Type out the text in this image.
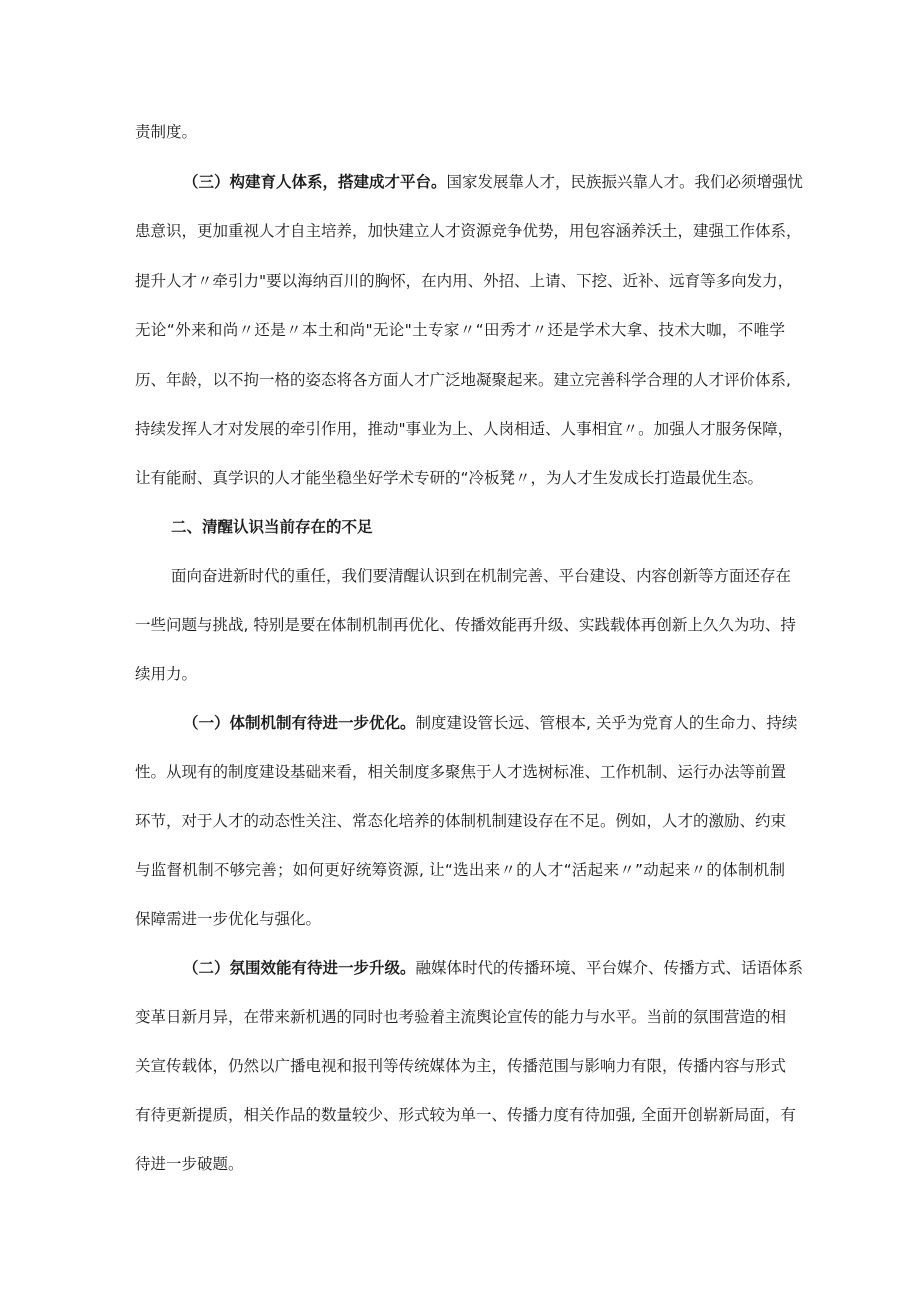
责制度。
（三）构建育人体系，搭建成才平台。国家发展靠人才，民族振兴靠人才。我们必须增强忧
患意识，更加重视人才自主培养，加快建立人才资源竞争优势，用包容涵养沃土，建强工作体系，
提升人才〃牵引力"要以海纳百川的胸怀，在内用、外招、上请、下挖、近补、远育等多向发力，
无论“外来和尚〃还是〃本土和尚"无论"土专家〃“田秀才〃还是学术大拿、技术大咖，不唯学
历、年龄，以不拘一格的姿态将各方面人才广泛地凝聚起来。建立完善科学合理的人才评价体系,
持续发挥人才对发展的牵引作用，推动"事业为上、人岗相适、人事相宜〃。加强人才服务保障，
让有能耐、真学识的人才能坐稳坐好学术专研的“冷板凳〃，为人才生发成长打造最优生态。
二、清醒认识当前存在的不足
面向奋进新时代的重任，我们要清醒认识到在机制完善、平台建设、内容创新等方面还存在
一些问题与挑战, 特别是要在体制机制再优化、传播效能再升级、实践载体再创新上久久为功、持
续用力。
（一）体制机制有待进一步优化。制度建设管长远、管根本, 关乎为党育人的生命力、持续
性。从现有的制度建设基础来看，相关制度多聚焦于人才选树标准、工作机制、运行办法等前置
环节，对于人才的动态性关注、常态化培养的体制机制建设存在不足。例如，人才的激励、约束
与监督机制不够完善；如何更好统筹资源, 让“选出来〃的人才“活起来〃”动起来〃的体制机制
保障需进一步优化与强化。
（二）氛围效能有待进一步升级。融媒体时代的传播环境、平台媒介、传播方式、话语体系
变革日新月异，在带来新机遇的同时也考验着主流舆论宣传的能力与水平。当前的氛围营造的相
关宣传载体，仍然以广播电视和报刊等传统媒体为主，传播范围与影响力有限，传播内容与形式
有待更新提质，相关作品的数量较少、形式较为单一、传播力度有待加强, 全面开创崭新局面，有
待进一步破题。
